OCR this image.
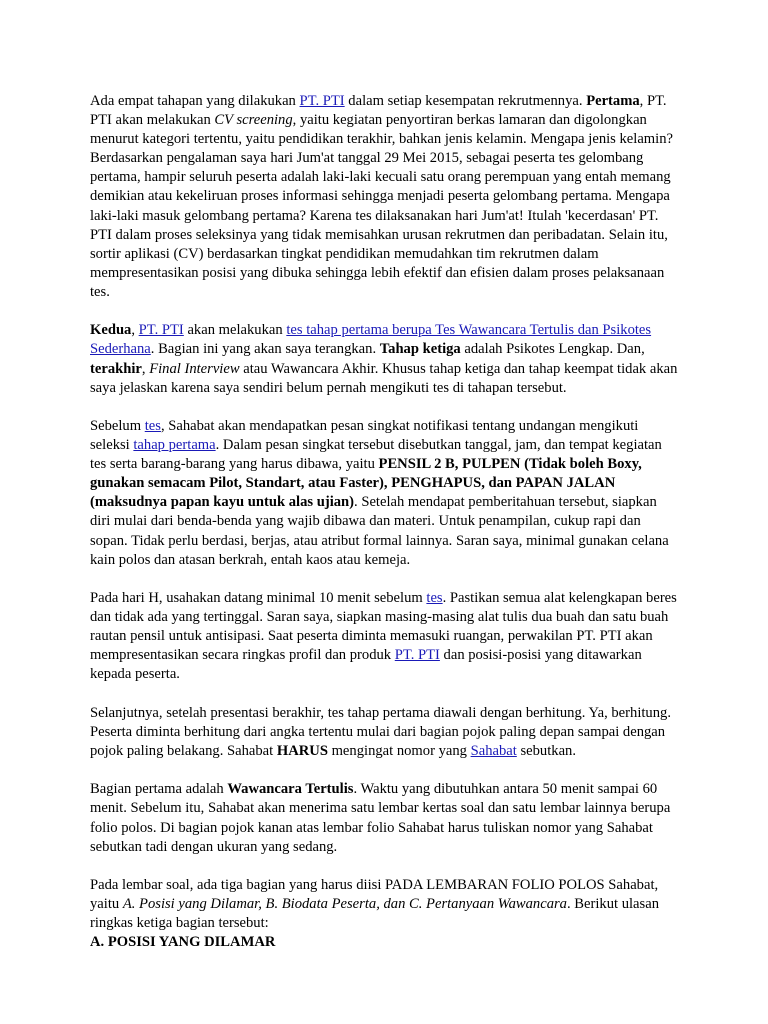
Ada empat tahapan yang dilakukan PT. PTI dalam setiap kesempatan rekrutmennya. Pertama, PT. PTI akan melakukan CV screening, yaitu kegiatan penyortiran berkas lamaran dan digolongkan menurut kategori tertentu, yaitu pendidikan terakhir, bahkan jenis kelamin. Mengapa jenis kelamin? Berdasarkan pengalaman saya hari Jum'at tanggal 29 Mei 2015, sebagai peserta tes gelombang pertama, hampir seluruh peserta adalah laki-laki kecuali satu orang perempuan yang entah memang demikian atau kekeliruan proses informasi sehingga menjadi peserta gelombang pertama. Mengapa laki-laki masuk gelombang pertama? Karena tes dilaksanakan hari Jum'at! Itulah 'kecerdasan' PT. PTI dalam proses seleksinya yang tidak memisahkan urusan rekrutmen dan peribadatan. Selain itu, sortir aplikasi (CV) berdasarkan tingkat pendidikan memudahkan tim rekrutmen dalam mempresentasikan posisi yang dibuka sehingga lebih efektif dan efisien dalam proses pelaksanaan tes.

Kedua, PT. PTI akan melakukan tes tahap pertama berupa Tes Wawancara Tertulis dan Psikotes Sederhana. Bagian ini yang akan saya terangkan. Tahap ketiga adalah Psikotes Lengkap. Dan, terakhir, Final Interview atau Wawancara Akhir. Khusus tahap ketiga dan tahap keempat tidak akan saya jelaskan karena saya sendiri belum pernah mengikuti tes di tahapan tersebut.

Sebelum tes, Sahabat akan mendapatkan pesan singkat notifikasi tentang undangan mengikuti seleksi tahap pertama. Dalam pesan singkat tersebut disebutkan tanggal, jam, dan tempat kegiatan tes serta barang-barang yang harus dibawa, yaitu PENSIL 2 B, PULPEN (Tidak boleh Boxy, gunakan semacam Pilot, Standart, atau Faster), PENGHAPUS, dan PAPAN JALAN (maksudnya papan kayu untuk alas ujian). Setelah mendapat pemberitahuan tersebut, siapkan diri mulai dari benda-benda yang wajib dibawa dan materi. Untuk penampilan, cukup rapi dan sopan. Tidak perlu berdasi, berjas, atau atribut formal lainnya. Saran saya, minimal gunakan celana kain polos dan atasan berkrah, entah kaos atau kemeja.

Pada hari H, usahakan datang minimal 10 menit sebelum tes. Pastikan semua alat kelengkapan beres dan tidak ada yang tertinggal. Saran saya, siapkan masing-masing alat tulis dua buah dan satu buah rautan pensil untuk antisipasi. Saat peserta diminta memasuki ruangan, perwakilan PT. PTI akan mempresentasikan secara ringkas profil dan produk PT. PTI dan posisi-posisi yang ditawarkan kepada peserta.

Selanjutnya, setelah presentasi berakhir, tes tahap pertama diawali dengan berhitung. Ya, berhitung. Peserta diminta berhitung dari angka tertentu mulai dari bagian pojok paling depan sampai dengan pojok paling belakang. Sahabat HARUS mengingat nomor yang Sahabat sebutkan.

Bagian pertama adalah Wawancara Tertulis. Waktu yang dibutuhkan antara 50 menit sampai 60 menit. Sebelum itu, Sahabat akan menerima satu lembar kertas soal dan satu lembar lainnya berupa folio polos. Di bagian pojok kanan atas lembar folio Sahabat harus tuliskan nomor yang Sahabat sebutkan tadi dengan ukuran yang sedang.

Pada lembar soal, ada tiga bagian yang harus diisi PADA LEMBARAN FOLIO POLOS Sahabat, yaitu A. Posisi yang Dilamar, B. Biodata Peserta, dan C. Pertanyaan Wawancara. Berikut ulasan ringkas ketiga bagian tersebut:

A. POSISI YANG DILAMAR
